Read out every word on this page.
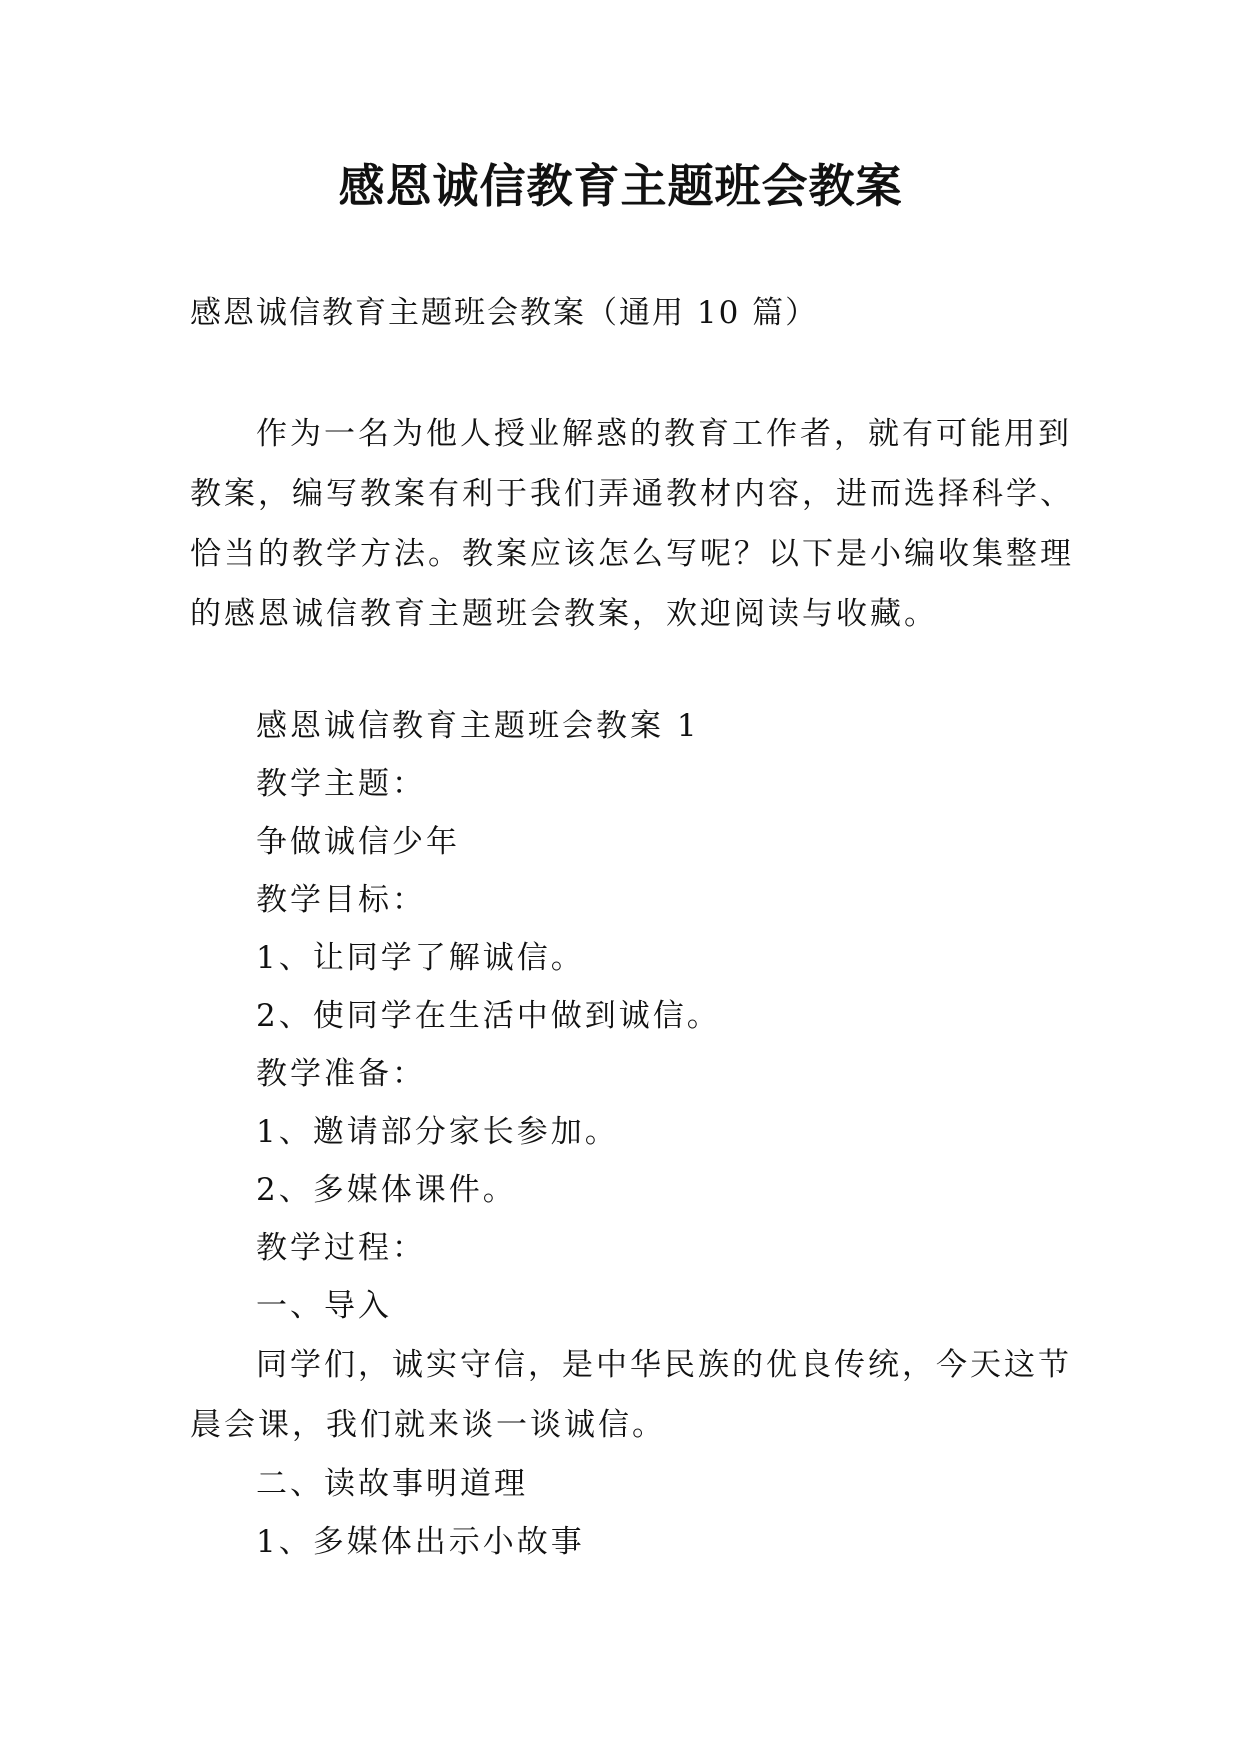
感恩诚信教育主题班会教案
感恩诚信教育主题班会教案（通用 10 篇）

作为一名为他人授业解惑的教育工作者，就有可能用到教案，编写教案有利于我们弄通教材内容，进而选择科学、恰当的教学方法。教案应该怎么写呢？以下是小编收集整理的感恩诚信教育主题班会教案，欢迎阅读与收藏。

感恩诚信教育主题班会教案 1

教学主题：

争做诚信少年

教学目标：

1、让同学了解诚信。

2、使同学在生活中做到诚信。

教学准备：

1、邀请部分家长参加。

2、多媒体课件。

教学过程：

一、导入

同学们，诚实守信，是中华民族的优良传统，今天这节晨会课，我们就来谈一谈诚信。

二、读故事明道理

1、多媒体出示小故事
